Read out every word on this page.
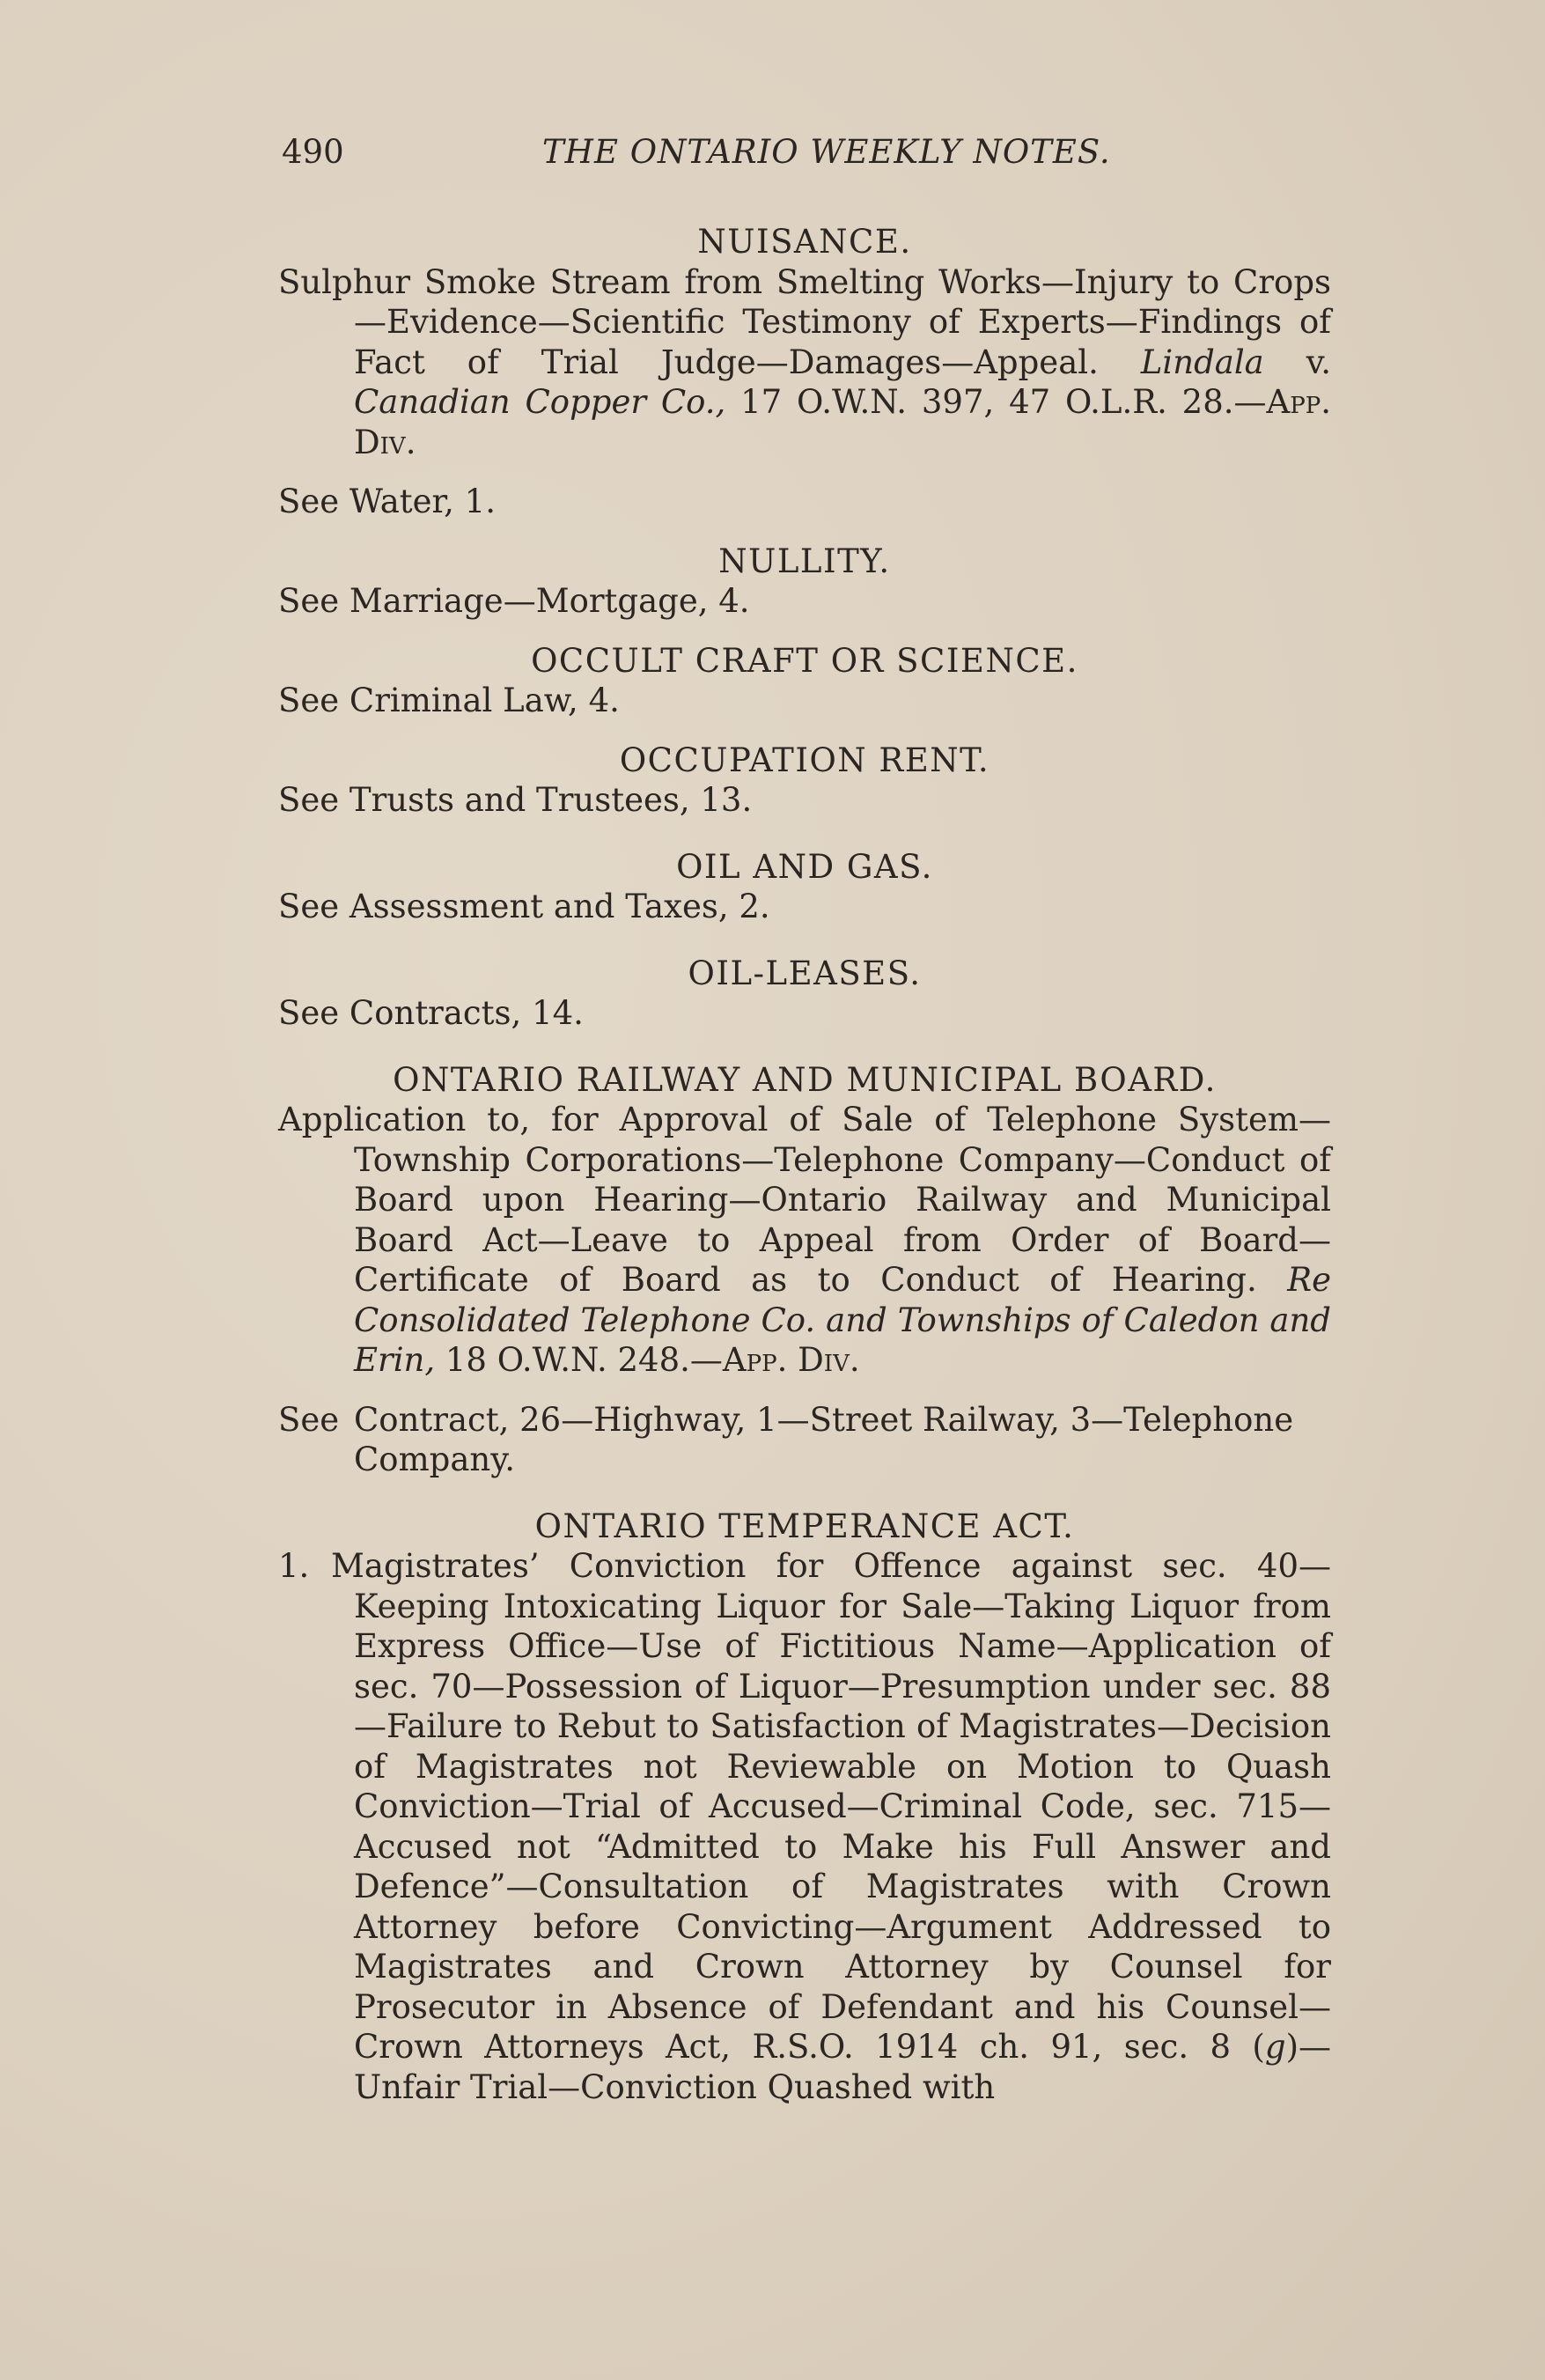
490	THE ONTARIO WEEKLY NOTES.

NUISANCE.

Sulphur Smoke Stream from Smelting Works—Injury to Crops—Evidence—Scientific Testimony of Experts—Findings of Fact of Trial Judge—Damages—Appeal. Lindala v. Canadian Copper Co., 17 O.W.N. 397, 47 O.L.R. 28.—App. Div.

See Water, 1.

NULLITY.

See Marriage—Mortgage, 4.

OCCULT CRAFT OR SCIENCE.

See Criminal Law, 4.

OCCUPATION RENT.

See Trusts and Trustees, 13.

OIL AND GAS.

See Assessment and Taxes, 2.

OIL-LEASES.

See Contracts, 14.

ONTARIO RAILWAY AND MUNICIPAL BOARD.

Application to, for Approval of Sale of Telephone System—Township Corporations—Telephone Company—Conduct of Board upon Hearing—Ontario Railway and Municipal Board Act—Leave to Appeal from Order of Board—Certificate of Board as to Conduct of Hearing. Re Consolidated Telephone Co. and Townships of Caledon and Erin, 18 O.W.N. 248.—App. Div.

See Contract, 26—Highway, 1—Street Railway, 3—Telephone Company.

ONTARIO TEMPERANCE ACT.

1. Magistrates’ Conviction for Offence against sec. 40—Keeping Intoxicating Liquor for Sale—Taking Liquor from Express Office—Use of Fictitious Name—Application of sec. 70—Possession of Liquor—Presumption under sec. 88—Failure to Rebut to Satisfaction of Magistrates—Decision of Magistrates not Reviewable on Motion to Quash Conviction—Trial of Accused—Criminal Code, sec. 715—Accused not “Admitted to Make his Full Answer and Defence”—Consultation of Magistrates with Crown Attorney before Convicting—Argument Addressed to Magistrates and Crown Attorney by Counsel for Prosecutor in Absence of Defendant and his Counsel—Crown Attorneys Act, R.S.O. 1914 ch. 91, sec. 8 (g)—Unfair Trial—Conviction Quashed with
